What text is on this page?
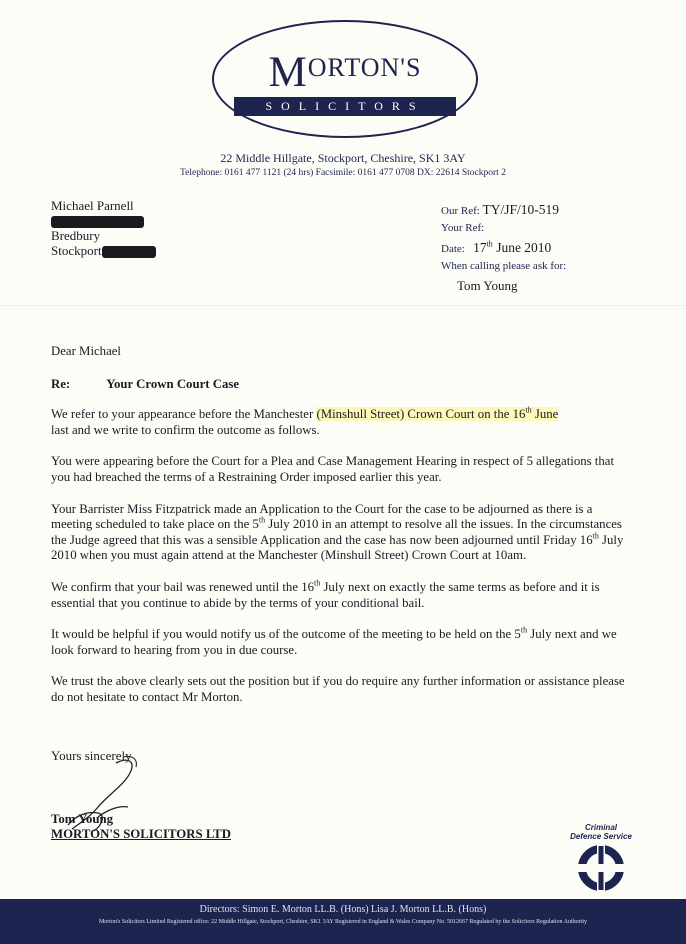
MORTON'S
SOLICITORS
22 Middle Hillgate, Stockport, Cheshire, SK1 3AY
Telephone: 0161 477 1121 (24 hrs) Facsimile: 0161 477 0708 DX: 22614 Stockport 2
Michael Parnell
Bredbury
Stockport
Our Ref: TY/JF/10-519
Your Ref:
Date: 17th June 2010
When calling please ask for:
Tom Young
Dear Michael
Re:	Your Crown Court Case

We refer to your appearance before the Manchester (Minshull Street) Crown Court on the 16th June
last and we write to confirm the outcome as follows.

You were appearing before the Court for a Plea and Case Management Hearing in respect of 5 allegations that you had breached the terms of a Restraining Order imposed earlier this year.

Your Barrister Miss Fitzpatrick made an Application to the Court for the case to be adjourned as there is a meeting scheduled to take place on the 5th July 2010 in an attempt to resolve all the issues. In the circumstances the Judge agreed that this was a sensible Application and the case has now been adjourned until Friday 16th July 2010 when you must again attend at the Manchester (Minshull Street) Crown Court at 10am.

We confirm that your bail was renewed until the 16th July next on exactly the same terms as before and it is essential that you continue to abide by the terms of your conditional bail.

It would be helpful if you would notify us of the outcome of the meeting to be held on the 5th July next and we look forward to hearing from you in due course.

We trust the above clearly sets out the position but if you do require any further information or assistance please do not hesitate to contact Mr Morton.

Yours sincerely
Tom Young
MORTON'S SOLICITORS LTD	Criminal
Defence Service
Directors: Simon E. Morton LL.B. (Hons) Lisa J. Morton LL.B. (Hons)
Morton's Solicitors Limited Registered office: 22 Middle Hillgate, Stockport, Cheshire, SK1 3AY Registered in England & Wales Company No. 5012667 Regulated by the Solicitors Regulation Authority
